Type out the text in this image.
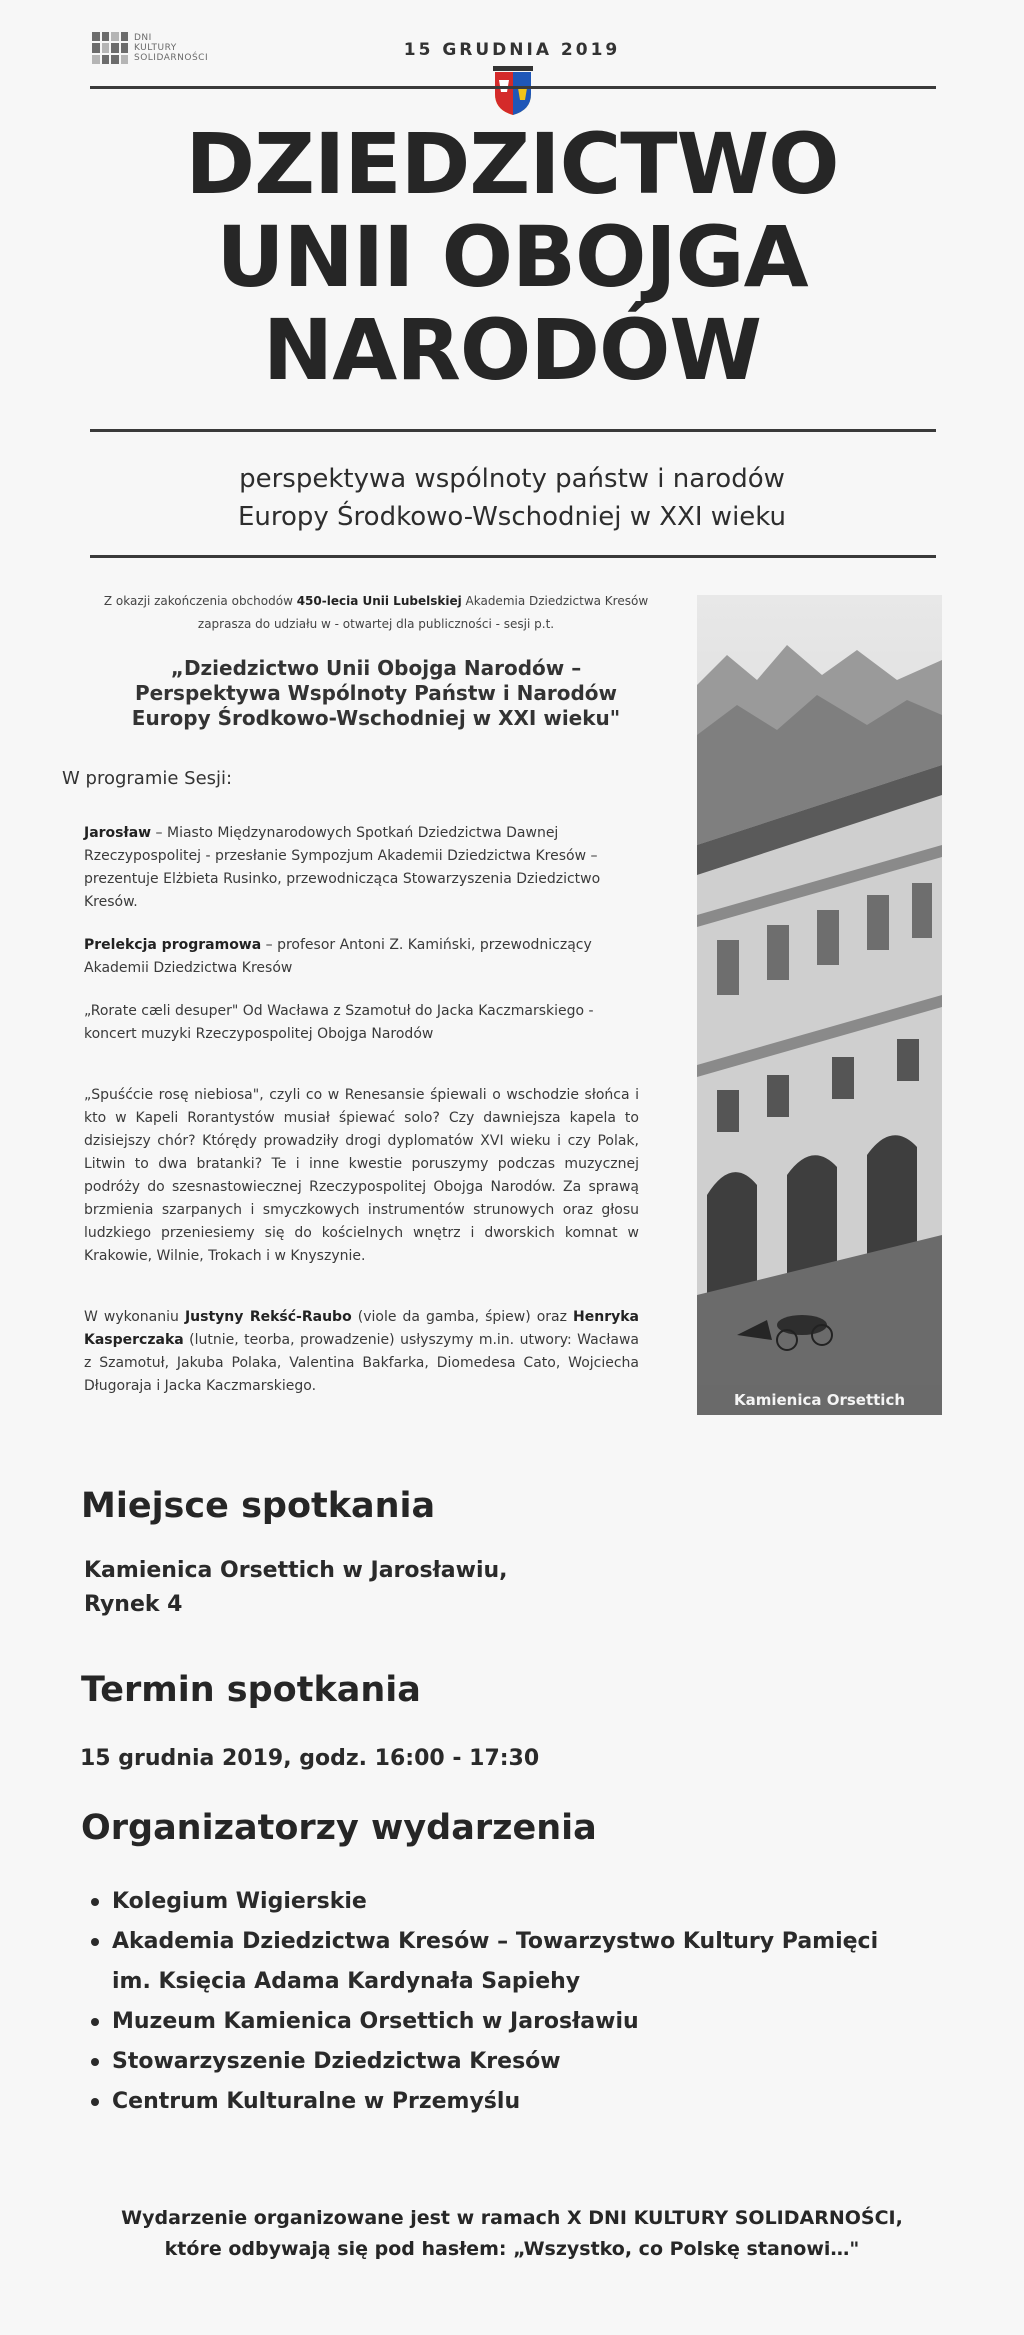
DNI
KULTURY
SOLIDARNOŚCI	15 GRUDNIA 2019
DZIEDZICTWO
UNII OBOJGA
NARODÓW
perspektywa wspólnoty państw i narodów
Europy Środkowo-Wschodniej w XXI wieku

Z okazji zakończenia obchodów 450-lecia Unii Lubelskiej Akademia Dziedzictwa Kresów zaprasza do udziału w - otwartej dla publiczności - sesji p.t.

„Dziedzictwo Unii Obojga Narodów –
Perspektywa Wspólnoty Państw i Narodów
Europy Środkowo-Wschodniej w XXI wieku"
W programie Sesji:

Jarosław – Miasto Międzynarodowych Spotkań Dziedzictwa Dawnej Rzeczypospolitej - przesłanie Sympozjum Akademii Dziedzictwa Kresów – prezentuje Elżbieta Rusinko, przewodnicząca Stowarzyszenia Dziedzictwo Kresów.

Prelekcja programowa – profesor Antoni Z. Kamiński, przewodniczący Akademii Dziedzictwa Kresów

„Rorate cæli desuper" Od Wacława z Szamotuł do Jacka Kaczmarskiego - koncert muzyki Rzeczypospolitej Obojga Narodów

„Spuśćcie rosę niebiosa", czyli co w Renesansie śpiewali o wschodzie słońca i kto w Kapeli Rorantystów musiał śpiewać solo? Czy dawniejsza kapela to dzisiejszy chór? Którędy prowadziły drogi dyplomatów XVI wieku i czy Polak, Litwin to dwa bratanki? Te i inne kwestie poruszymy podczas muzycznej podróży do szesnastowiecznej Rzeczypospolitej Obojga Narodów. Za sprawą brzmienia szarpanych i smyczkowych instrumentów strunowych oraz głosu ludzkiego przeniesiemy się do kościelnych wnętrz i dworskich komnat w Krakowie, Wilnie, Trokach i w Knyszynie.

W wykonaniu Justyny Rekść-Raubo (viole da gamba, śpiew) oraz Henryka Kasperczaka (lutnie, teorba, prowadzenie) usłyszymy m.in. utwory: Wacława z Szamotuł, Jakuba Polaka, Valentina Bakfarka, Diomedesa Cato, Wojciecha Długoraja i Jacka Kaczmarskiego.

Kamienica Orsettich
Miejsce spotkania
Kamienica Orsettich w Jarosławiu,
Rynek 4
Termin spotkania
15 grudnia 2019, godz. 16:00 - 17:30
Organizatorzy wydarzenia
Kolegium Wigierskie
Akademia Dziedzictwa Kresów – Towarzystwo Kultury Pamięci im. Księcia Adama Kardynała Sapiehy
Muzeum Kamienica Orsettich w Jarosławiu
Stowarzyszenie Dziedzictwa Kresów
Centrum Kulturalne w Przemyślu
Wydarzenie organizowane jest w ramach X DNI KULTURY SOLIDARNOŚCI,
które odbywają się pod hasłem: „Wszystko, co Polskę stanowi…"
